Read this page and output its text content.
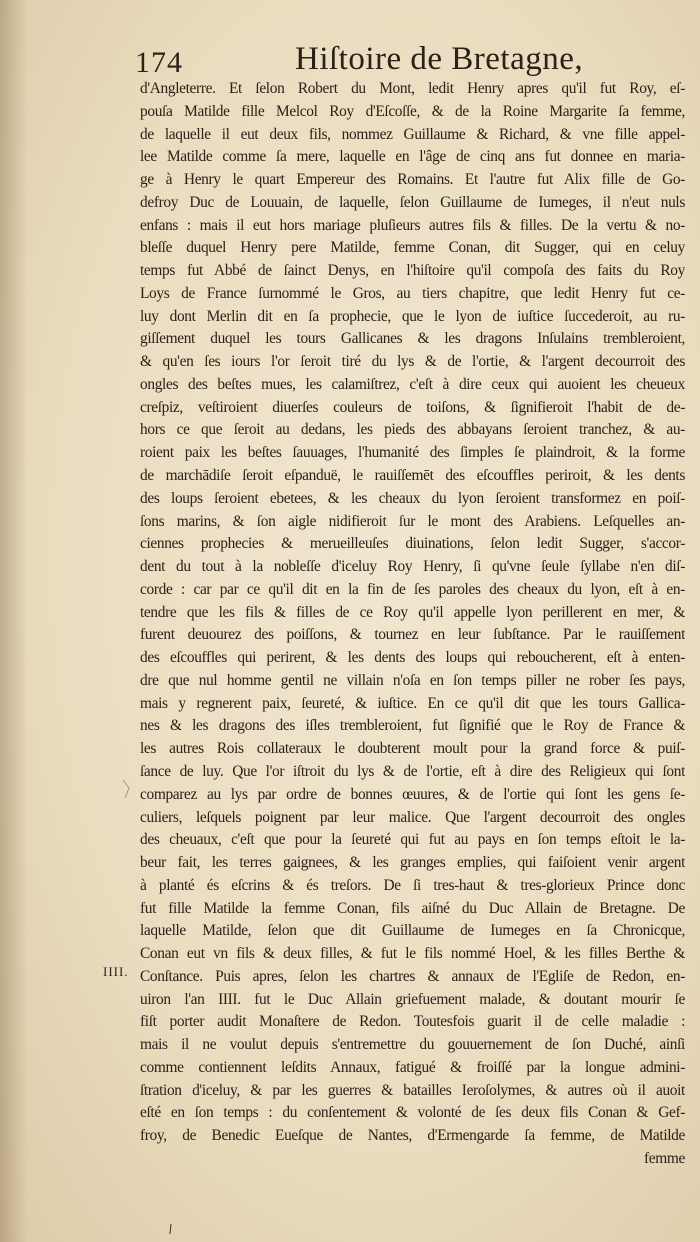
174	Hiſtoire de Bretagne,
IIII.
d'Angleterre. Et ſelon Robert du Mont, ledit Henry apres qu'il fut Roy, eſ-
pouſa Matilde fille Melcol Roy d'Eſcoſſe, & de la Roine Margarite ſa femme,
de laquelle il eut deux fils, nommez Guillaume & Richard, & vne fille appel-
lee Matilde comme ſa mere, laquelle en l'âge de cinq ans fut donnee en maria-
ge à Henry le quart Empereur des Romains. Et l'autre fut Alix fille de Go-
defroy Duc de Louuain, de laquelle, ſelon Guillaume de Iumeges, il n'eut nuls
enfans : mais il eut hors mariage pluſieurs autres fils & filles. De la vertu & no-
bleſſe duquel Henry pere Matilde, femme Conan, dit Sugger, qui en celuy
temps fut Abbé de ſainct Denys, en l'hiſtoire qu'il compoſa des faits du Roy
Loys de France ſurnommé le Gros, au tiers chapitre, que ledit Henry fut ce-
luy dont Merlin dit en ſa prophecie, que le lyon de iuſtice ſuccederoit, au ru-
giſſement duquel les tours Gallicanes & les dragons Inſulains trembleroient,
& qu'en ſes iours l'or ſeroit tiré du lys & de l'ortie, & l'argent decourroit des
ongles des beſtes mues, les calamiſtrez, c'eſt à dire ceux qui auoient les cheueux
creſpiz, veſtiroient diuerſes couleurs de toiſons, & ſignifieroit l'habit de de-
hors ce que ſeroit au dedans, les pieds des abbayans ſeroient tranchez, & au-
roient paix les beſtes ſauuages, l'humanité des ſimples ſe plaindroit, & la forme
de marchādiſe ſeroit eſpanduë, le rauiſſemēt des eſcouffles periroit, & les dents
des loups ſeroient ebetees, & les cheaux du lyon ſeroient transformez en poiſ-
ſons marins, & ſon aigle nidifieroit ſur le mont des Arabiens. Leſquelles an-
ciennes prophecies & merueilleuſes diuinations, ſelon ledit Sugger, s'accor-
dent du tout à la nobleſſe d'iceluy Roy Henry, ſi qu'vne ſeule ſyllabe n'en diſ-
corde : car par ce qu'il dit en la fin de ſes paroles des cheaux du lyon, eſt à en-
tendre que les fils & filles de ce Roy qu'il appelle lyon perillerent en mer, &
furent deuourez des poiſſons, & tournez en leur ſubſtance. Par le rauiſſement
des eſcouffles qui perirent, & les dents des loups qui reboucherent, eſt à enten-
dre que nul homme gentil ne villain n'oſa en ſon temps piller ne rober ſes pays,
mais y regnerent paix, ſeureté, & iuſtice. En ce qu'il dit que les tours Gallica-
nes & les dragons des iſles trembleroient, fut ſignifié que le Roy de France &
les autres Rois collateraux le doubterent moult pour la grand force & puiſ-
ſance de luy. Que l'or iſtroit du lys & de l'ortie, eſt à dire des Religieux qui ſont
comparez au lys par ordre de bonnes œuures, & de l'ortie qui ſont les gens ſe-
culiers, leſquels poignent par leur malice. Que l'argent decourroit des ongles
des cheuaux, c'eſt que pour la ſeureté qui fut au pays en ſon temps eſtoit le la-
beur fait, les terres gaignees, & les granges emplies, qui faiſoient venir argent
à planté és eſcrins & és treſors. De ſi tres-haut & tres-glorieux Prince donc
fut fille Matilde la femme Conan, fils aiſné du Duc Allain de Bretagne. De
laquelle Matilde, ſelon que dit Guillaume de Iumeges en ſa Chronicque,
Conan eut vn fils & deux filles, & fut le fils nommé Hoel, & les filles Berthe &
Conſtance. Puis apres, ſelon les chartres & annaux de l'Egliſe de Redon, en-
uiron l'an IIII. fut le Duc Allain griefuement malade, & doutant mourir ſe
fiſt porter audit Monaſtere de Redon. Toutesfois guarit il de celle maladie :
mais il ne voulut depuis s'entremettre du gouuernement de ſon Duché, ainſi
comme contiennent leſdits Annaux, fatigué & froiſſé par la longue admini-
ſtration d'iceluy, & par les guerres & batailles Ieroſolymes, & autres où il auoit
eſté en ſon temps : du conſentement & volonté de ſes deux fils Conan & Gef-
froy, de Benedic Eueſque de Nantes, d'Ermengarde ſa femme, de Matilde
femme
